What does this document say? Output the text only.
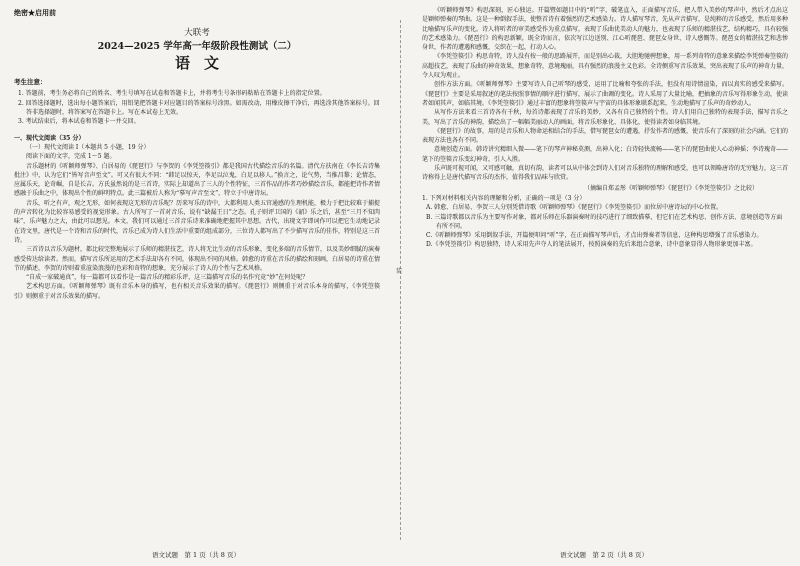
绝密★启用前
大联考
2024—2025 学年高一年级阶段性测试（二）
语文
考生注意：
1. 答题前，考生务必将自己的姓名、考生号填写在试卷和答题卡上，并将考生号条形码粘贴在答题卡上的指定位置。
2. 回答选择题时，选出每小题答案后，用铅笔把答题卡对应题目的答案标号涂黑。如需改动，用橡皮擦干净后，再选涂其他答案标号。回答非选择题时，将答案写在答题卡上。写在本试卷上无效。
3. 考试结束后，将本试卷和答题卡一并交回。
一、现代文阅读（35 分）
（一）现代文阅读 Ⅰ（本题共 5 小题，19 分）
阅读下面的文字，完成 1～5 题。
音乐题材的《听颖师弹琴》、白居易的《琵琶行》与李贺的《李凭箜篌引》都是我国古代描绘音乐的名篇。清代方扶南在《李长吉诗集批注》中，认为它们“皆写音声至文”。可又有很大不同：“韩足以惊天，李足以泣鬼，白足以移人。”换言之，论气势，当推昌黎；论情态，应属乐天，论奇崛，自是长吉。方氏虽然说的是三首诗，实际上却道出了三人的个性特征，三首作品的作者巧妙描绘音乐，都能把诗作者情感融于乐曲之中，体现出个性的鲜明特点。此三篇被后人称为“摹写声音至文”，特立于中唐诗坛。
音乐，听之有声，观之无形，如何表现这无形的音乐呢？历来写乐的诗中，大都利用人类五官通感的生理机能，极力于把比较难于捕捉的声音转化为比较容易感受的视觉形象。古人所写了一首对音乐，说有“缺漏王日”之态。孔子则评卫国的《韶》乐之后，甚至“三月不知肉味”，乐声魅力之大，由此可以想见。本文，我们可以通过三首音乐诗来准确地把握其中思想。古代，出现文字即词作可以把它生动地记录在诗文里，唐代是一个诗和音乐的时代，音乐已成为诗人们生活中重要的组成部分，三位诗人都写出了不少描写音乐的佳作，特别是这三首诗。
三首诗以音乐为题材，都比较完整地展示了乐师的精湛技艺，诗人将无比生动的音乐形象，变化多端的音乐情节，以及美妙细腻的演奏感受传达给读者。然而，描写音乐所运用的艺术手法却各有不同，体现出不同的风格。韩愈的诗重在音乐的描绘和刻画，白居易的诗重在情节的描述，李贺的诗则着重渲染浪漫的色彩和奇特的想象，充分展示了诗人的个性与艺术风格。
“自成一家破通真”，每一篇都可以看作是一篇音乐的精彩乐评，这三篇描写音乐的名作究竟“妙”在何处呢？
艺术构思方面。《听颖师弹琴》既有音乐本身的描写，也有相关音乐效果的描写。《琵琶行》则侧重于对音乐本身的描写，《李凭箜篌引》则侧重于对音乐效果的描写。
语文试题　第 1 页（共 8 页）
装
《听颖师弹琴》构思深刻，匠心独运。开篇暨如题目中的“听”字，破笔直入，正面描写音乐，把人带入美妙的琴声中，然后才点出这是颖师弹奏的琴曲。这是一种倒叙手法，使整首诗有着强烈的艺术感染力。诗人描写琴音，先从声音描写，是纯粹的音乐感受，然后用多种比喻描写乐声的变化。诗人将听者的审美感受作为重点描写，表现了乐曲优美动人的魅力，也表现了乐师的精湛技艺，结构精巧，具有较强的艺术感染力。《琵琶行》的构思新颖，既全诗而言，依次写江边送别、江心听琵琶、琵琶女身世、诗人感慨等。琵琶女的精湛技艺和悲惨身世，作者的遭遇和感慨，交织在一起，打动人心。
《李凭箜篌引》构思奇特，诗人没有按一般的思路展开，而是别出心裁，大胆地驰骋想象，用一系列奇特的意象来描绘李凭弹奏箜篌的高超技艺，表现了乐曲的神奇效果，想象奇特，意境瑰丽，具有强烈的浪漫主义色彩。全诗侧重写音乐效果，突出表现了乐声的神奇力量，令人叹为观止。
创作方法方面。《听颖师弹琴》主要写诗人自己听琴的感受，运用了比喻和夸张的手法，但没有用诗情渲染，而以真实的感受来描写。《琵琶行》主要是采用叙述的笔法按照事情的顺序进行描写，展示了曲调的变化。诗人采用了大量比喻，把抽象的音乐写得形象生动，使读者如闻其声，如临其境。《李凭箜篌引》通过丰富的想象将箜篌声与宇宙的具体形象联系起来，生动地描写了乐声的奇妙动人。
从写作方法来看三首诗各有千秋，每首诗都表现了音乐的美妙，又各有自己独特的个性。诗人们用自己独特的表现手法，描写音乐之美，写出了音乐的神韵，描绘出了一幅幅美丽动人的画面，将音乐形象化、具体化，使得读者如身临其境。
《琵琶行》的故事，用的是音乐和人物命运相结合的手法，借写琵琶女的遭遇，抒发作者的感慨，使音乐有了深刻的社会内涵。它们的表现方法也各有不同。
意境创造方面。韩诗讲究精细入微——笔下的琴声神秘莫测，出神入化；白诗轻快流畅——笔下的琵琶曲使人心动神摇；李诗瑰奇——笔下的箜篌音乐变幻神奇，引人入胜。
乐声既可视可闻，又可感可触，真切有韵，读者可以从中体会到诗人们对音乐独特的理解和感受，也可以领略唐诗的无穷魅力，这三首诗称得上是唐代描写音乐的杰作，值得我们品味与欣赏。
（摘编自郑孟彤《听颖师弹琴》《琵琶行》《李凭箜篌引》之比较）
1. 下列对材料相关内容的理解和分析，正确的一项是（3 分）
A. 韩愈、白居易、李贺三人分别凭借诗歌《听颖师弹琴》《琵琶行》《李凭箜篌引》而位居中唐诗坛的中心位置。
B. 三篇诗歌都以音乐为主要写作对象，都对乐师在乐器演奏时的技巧进行了细致描摹，但它们在艺术构思、创作方法、意境创造等方面有所不同。
C.《听颖师弹琴》采用倒叙手法，开篇便叩问“听”字，在正面描写琴声后，才点出弹奏者等信息，这种构思增强了音乐感染力。
D.《李凭箜篌引》构思独特，诗人采用先声夺人的笔法展开，按照演奏的先后来组合意象，诗中意象显得人物形象更加丰富。
语文试题　第 2 页（共 8 页）
